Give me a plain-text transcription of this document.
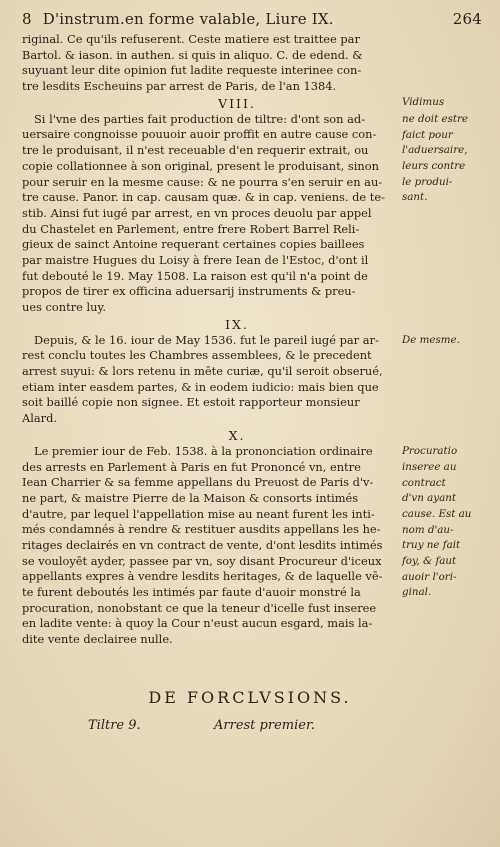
8 D'instrum.en forme valable, Liure IX.	264
riginal. Ce qu'ils refuserent. Ceste matiere est traittee par
Bartol. & iason. in authen. si quis in aliquo. C. de edend. &
suyuant leur dite opinion fut ladite requeste interinee con-
tre lesdits Escheuins par arrest de Paris, de l'an 1384.
VIII.
Si l'vne des parties fait production de tiltre: d'ont son ad-
uersaire congnoisse pouuoir auoir proffit en autre cause con-
tre le produisant, il n'est receuable d'en requerir extrait, ou
copie collationnee à son original, present le produisant, sinon
pour seruir en la mesme cause: & ne pourra s'en seruir en au-
tre cause. Panor. in cap. causam quæ. & in cap. veniens. de te-
stib. Ainsi fut iugé par arrest, en vn proces deuolu par appel
du Chastelet en Parlement, entre frere Robert Barrel Reli-
gieux de sainct Antoine requerant certaines copies baillees
par maistre Hugues du Loisy à frere Iean de l'Estoc, d'ont il
fut debouté le 19. May 1508. La raison est qu'il n'a point de
propos de tirer ex officina aduersarij instruments & preu-
ues contre luy.
IX.
Depuis, & le 16. iour de May 1536. fut le pareil iugé par ar-
rest conclu toutes les Chambres assemblees, & le precedent
arrest suyui: & lors retenu in mēte curiæ, qu'il seroit obserué,
etiam inter easdem partes, & in eodem iudicio: mais bien que
soit baillé copie non signee. Et estoit rapporteur monsieur
Alard.
X.
Le premier iour de Feb. 1538. à la prononciation ordinaire
des arrests en Parlement à Paris en fut Prononcé vn, entre
Iean Charrier & sa femme appellans du Preuost de Paris d'v-
ne part, & maistre Pierre de la Maison & consorts intimés
d'autre, par lequel l'appellation mise au neant furent les inti-
més condamnés à rendre & restituer ausdits appellans les he-
ritages declairés en vn contract de vente, d'ont lesdits intimés
se vouloyēt ayder, passee par vn, soy disant Procureur d'iceux
appellants expres à vendre lesdits heritages, & de laquelle vē-
te furent deboutés les intimés par faute d'auoir monstré la
procuration, nonobstant ce que la teneur d'icelle fust inseree
en ladite vente: à quoy la Cour n'eust aucun esgard, mais la-
dite vente declairee nulle.
Vidimus
ne doit estre
faict pour
l'aduersaire,
leurs contre
le produi-
sant.
De mesme.
Procuratio
inseree au
contract
d'vn ayant
cause. Est au
nom d'au-
truy ne fait
foy, & faut
auoir l'ori-
ginal.
DE FORCLVSIONS.
Tiltre 9.	Arrest premier.
